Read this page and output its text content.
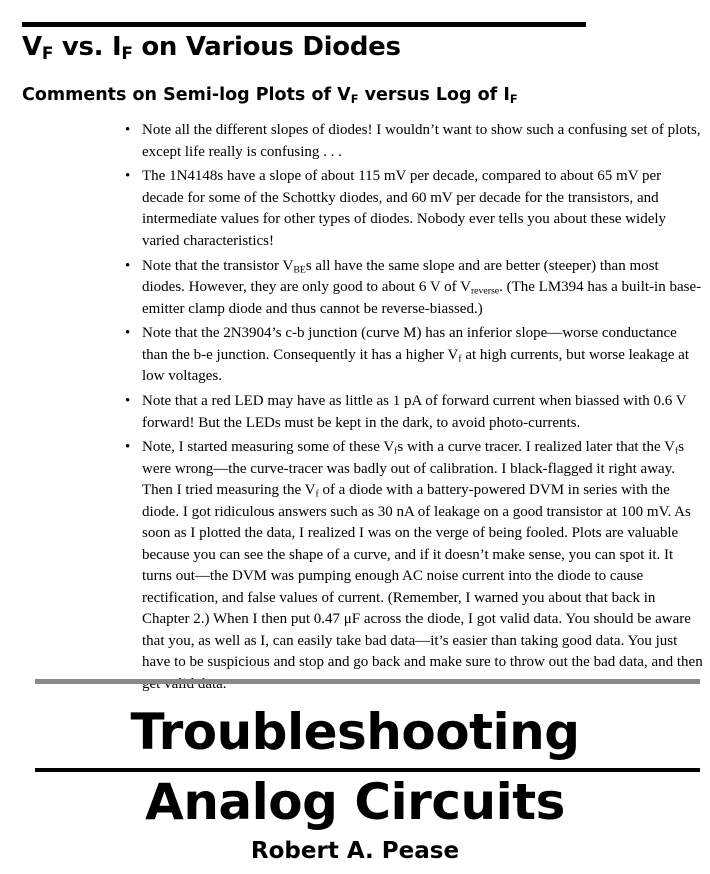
$V_F$ vs. $I_F$ on Various Diodes
Comments on Semi-log Plots of $V_F$ versus Log of $I_F$
• Note all the different slopes of diodes! I wouldn’t want to show such a confusing set of plots, except life really is confusing . . .
• The 1N4148s have a slope of about 115 mV per decade, compared to about 65 mV per decade for some of the Schottky diodes, and 60 mV per decade for the transistors, and intermediate values for other types of diodes. Nobody ever tells you about these widely varied characteristics!
• Note that the transistor $V_{BE}s$ all have the same slope and are better (steeper) than most diodes. However, they are only good to about 6 V of $V_{reverse}$. (The LM394 has a built-in base-emitter clamp diode and thus cannot be reverse-biassed.)
• Note that the 2N3904’s c-b junction (curve M) has an inferior slope—worse conductance than the b-e junction. Consequently it has a higher $V_f$ at high currents, but worse leakage at low voltages.
• Note that a red LED may have as little as 1 pA of forward current when biassed with 0.6 V forward! But the LEDs must be kept in the dark, to avoid photo-currents.
• Note, I started measuring some of these $V_fs$ with a curve tracer. I realized later that the $V_fs$ were wrong—the curve-tracer was badly out of calibration. I black-flagged it right away. Then I tried measuring the $V_f$ of a diode with a battery-powered DVM in series with the diode. I got ridiculous answers such as 30 nA of leakage on a good transistor at 100 mV. As soon as I plotted the data, I realized I was on the verge of being fooled. Plots are valuable because you can see the shape of a curve, and if it doesn’t make sense, you can spot it. It turns out—the DVM was pumping enough AC noise current into the diode to cause rectification, and false values of current. (Remember, I warned you about that back in Chapter 2.) When I then put 0.47 μF across the diode, I got valid data. You should be aware that you, as well as I, can easily take bad data—it’s easier than taking good data. You just have to be suspicious and stop and go back and make sure to throw out the bad data, and then
Troubleshooting
Analog Circuits
Robert A. Pease
